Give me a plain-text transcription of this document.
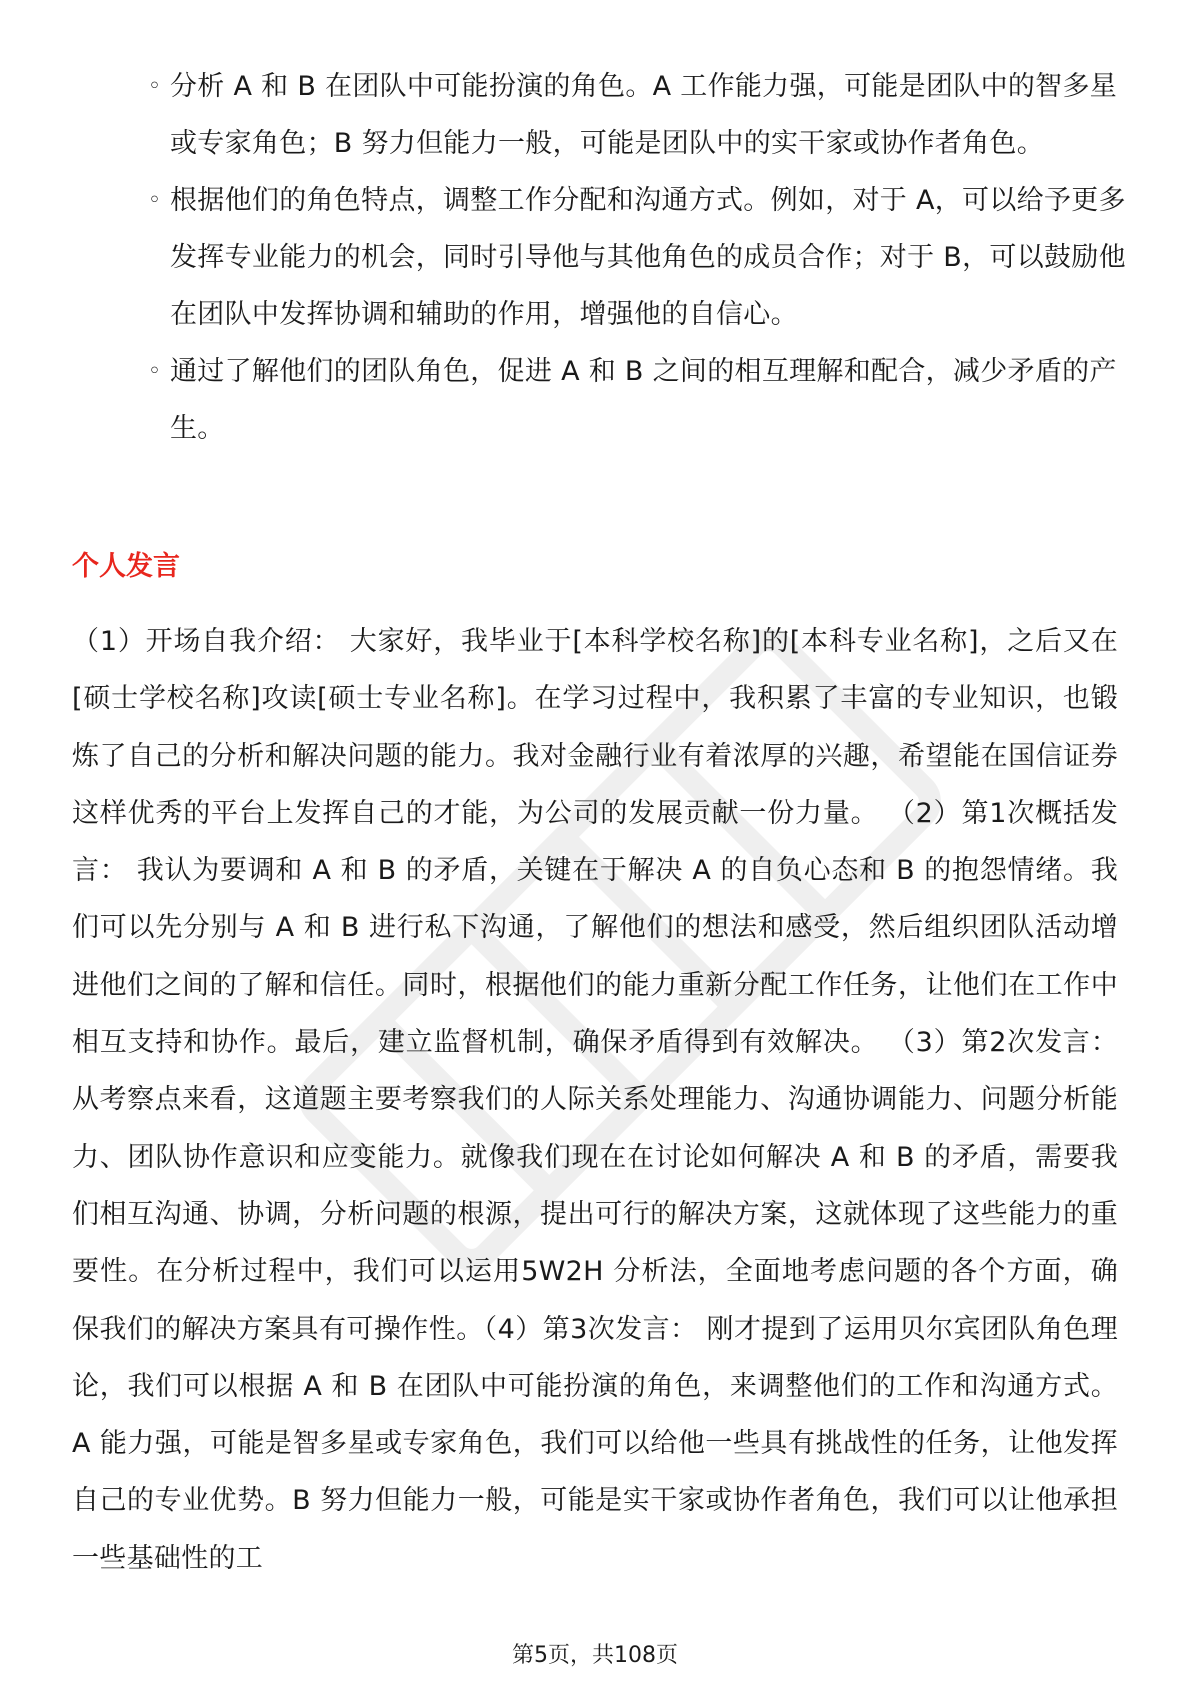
◦ 分析 A 和 B 在团队中可能扮演的角色。A 工作能力强，可能是团队中的智多星或专家角色；B 努力但能力一般，可能是团队中的实干家或协作者角色。
◦ 根据他们的角色特点，调整工作分配和沟通方式。例如，对于 A，可以给予更多发挥专业能力的机会，同时引导他与其他角色的成员合作；对于 B，可以鼓励他在团队中发挥协调和辅助的作用，增强他的自信心。
◦ 通过了解他们的团队角色，促进 A 和 B 之间的相互理解和配合，减少矛盾的产生。
个人发言
（1）开场自我介绍： 大家好，我毕业于[本科学校名称]的[本科专业名称]，之后又在[硕士学校名称]攻读[硕士专业名称]。在学习过程中，我积累了丰富的专业知识，也锻炼了自己的分析和解决问题的能力。我对金融行业有着浓厚的兴趣，希望能在国信证券这样优秀的平台上发挥自己的才能，为公司的发展贡献一份力量。 （2）第1次概括发言： 我认为要调和 A 和 B 的矛盾，关键在于解决 A 的自负心态和 B 的抱怨情绪。我们可以先分别与 A 和 B 进行私下沟通，了解他们的想法和感受，然后组织团队活动增进他们之间的了解和信任。同时，根据他们的能力重新分配工作任务，让他们在工作中相互支持和协作。最后，建立监督机制，确保矛盾得到有效解决。 （3）第2次发言： 从考察点来看，这道题主要考察我们的人际关系处理能力、沟通协调能力、问题分析能力、团队协作意识和应变能力。就像我们现在在讨论如何解决 A 和 B 的矛盾，需要我们相互沟通、协调，分析问题的根源，提出可行的解决方案，这就体现了这些能力的重要性。在分析过程中，我们可以运用5W2H 分析法，全面地考虑问题的各个方面，确保我们的解决方案具有可操作性。（4）第3次发言： 刚才提到了运用贝尔宾团队角色理论，我们可以根据 A 和 B 在团队中可能扮演的角色，来调整他们的工作和沟通方式。A 能力强，可能是智多星或专家角色，我们可以给他一些具有挑战性的任务，让他发挥自己的专业优势。B 努力但能力一般，可能是实干家或协作者角色，我们可以让他承担一些基础性的工
第5页，共108页
